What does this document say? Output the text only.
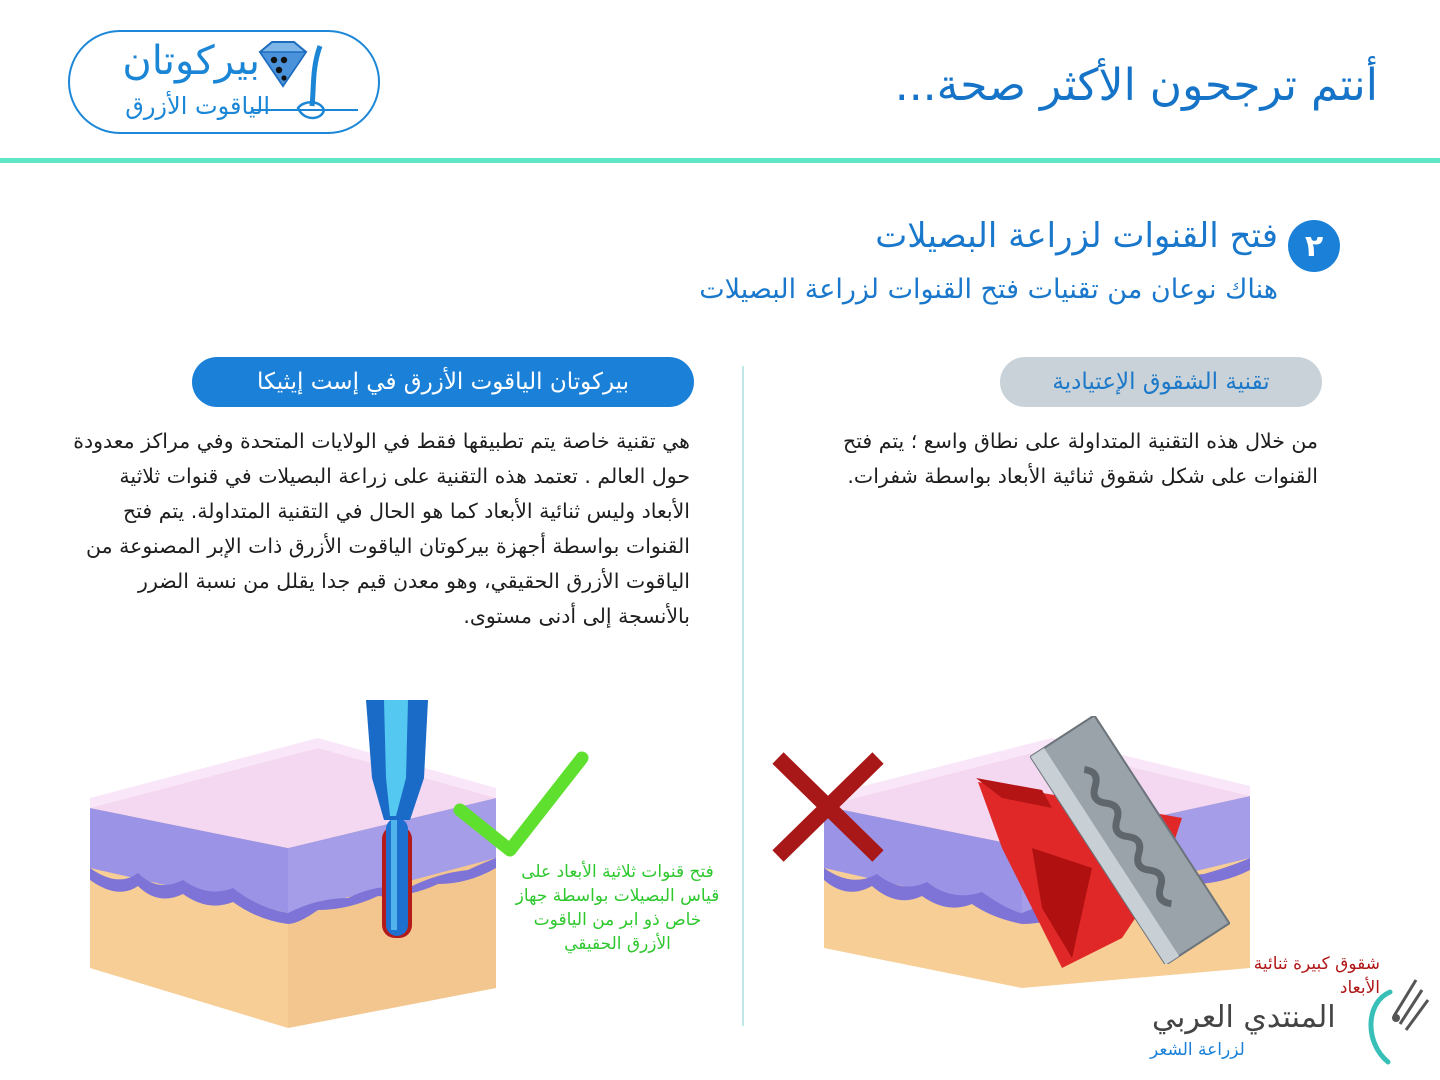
بيركوتان
الياقوت الأزرق	أنتم ترجحون الأكثر صحة...
٢
فتح القنوات لزراعة البصيلات
هناك نوعان من تقنيات فتح القنوات لزراعة البصيلات
بيركوتان الياقوت الأزرق في إست إيثيكا	تقنية الشقوق الإعتيادية
هي تقنية خاصة يتم تطبيقها فقط في الولايات المتحدة وفي مراكز معدودة حول العالم . تعتمد هذه التقنية على زراعة البصيلات في قنوات ثلاثية الأبعاد وليس ثنائية الأبعاد كما هو الحال في التقنية المتداولة. يتم فتح القنوات بواسطة أجهزة بيركوتان الياقوت الأزرق ذات الإبر المصنوعة من الياقوت الأزرق الحقيقي، وهو معدن قيم جدا يقلل من نسبة الضرر بالأنسجة إلى أدنى مستوى.
من خلال هذه التقنية المتداولة على نطاق واسع ؛ يتم فتح القنوات على شكل شقوق ثنائية الأبعاد بواسطة شفرات.
فتح قنوات ثلاثية الأبعاد على قياس البصيلات بواسطة جهاز خاص ذو ابر من الياقوت الأزرق الحقيقي
شقوق كبيرة ثنائية الأبعاد
المنتدي العربي
لزراعة الشعر
